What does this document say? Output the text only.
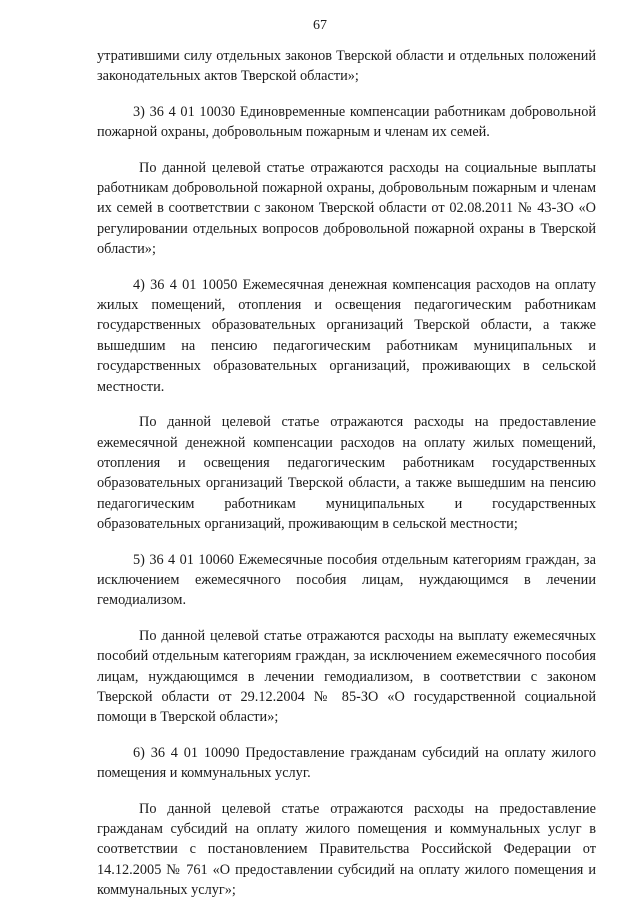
67

утратившими силу отдельных законов Тверской области и отдельных положений законодательных актов Тверской области»;

3) 36 4 01 10030 Единовременные компенсации работникам добровольной пожарной охраны, добровольным пожарным и членам их семей.

По данной целевой статье отражаются расходы на социальные выплаты работникам добровольной пожарной охраны, добровольным пожарным и членам их семей в соответствии с законом Тверской области от 02.08.2011 № 43-ЗО «О регулировании отдельных вопросов добровольной пожарной охраны в Тверской области»;

4) 36 4 01 10050 Ежемесячная денежная компенсация расходов на оплату жилых помещений, отопления и освещения педагогическим работникам государственных образовательных организаций Тверской области, а также вышедшим на пенсию педагогическим работникам муниципальных и государственных образовательных организаций, проживающих в сельской местности.

По данной целевой статье отражаются расходы на предоставление ежемесячной денежной компенсации расходов на оплату жилых помещений, отопления и освещения педагогическим работникам государственных образовательных организаций Тверской области, а также вышедшим на пенсию педагогическим работникам муниципальных и государственных образовательных организаций, проживающим в сельской местности;

5) 36 4 01 10060 Ежемесячные пособия отдельным категориям граждан, за исключением ежемесячного пособия лицам, нуждающимся в лечении гемодиализом.

По данной целевой статье отражаются расходы на выплату ежемесячных пособий отдельным категориям граждан, за исключением ежемесячного пособия лицам, нуждающимся в лечении гемодиализом, в соответствии с законом Тверской области от 29.12.2004 № 85-ЗО «О государственной социальной помощи в Тверской области»;

6) 36 4 01 10090 Предоставление гражданам субсидий на оплату жилого помещения и коммунальных услуг.

По данной целевой статье отражаются расходы на предоставление гражданам субсидий на оплату жилого помещения и коммунальных услуг в соответствии с постановлением Правительства Российской Федерации от 14.12.2005 № 761 «О предоставлении субсидий на оплату жилого помещения и коммунальных услуг»;
